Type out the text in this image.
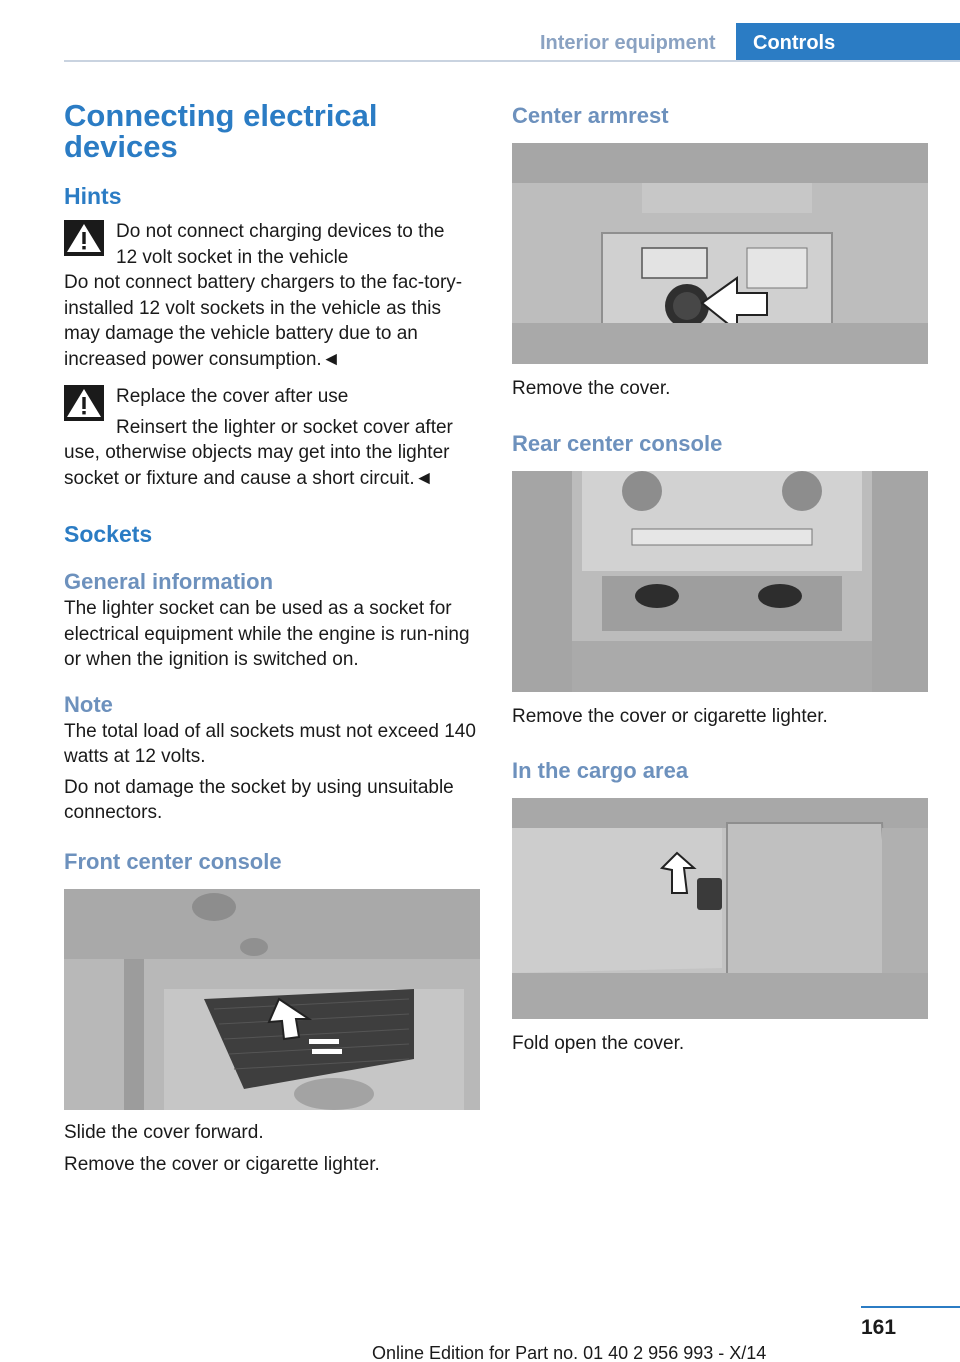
Interior equipment	Controls
Connecting electrical devices
Hints
Do not connect charging devices to the
12 volt socket in the vehicle
Do not connect battery chargers to the fac‐tory-installed 12 volt sockets in the vehicle as this may damage the vehicle battery due to an increased power consumption.◄
Replace the cover after use
Reinsert the lighter or socket cover after
use, otherwise objects may get into the lighter socket or fixture and cause a short circuit.◄
Sockets
General information
The lighter socket can be used as a socket for electrical equipment while the engine is run‐ning or when the ignition is switched on.
Note
The total load of all sockets must not exceed 140 watts at 12 volts.
Do not damage the socket by using unsuitable connectors.
Front center console
Slide the cover forward.
Remove the cover or cigarette lighter.
Center armrest
Remove the cover.
Rear center console
Remove the cover or cigarette lighter.
In the cargo area
Fold open the cover.
161
Online Edition for Part no. 01 40 2 956 993 - X/14
